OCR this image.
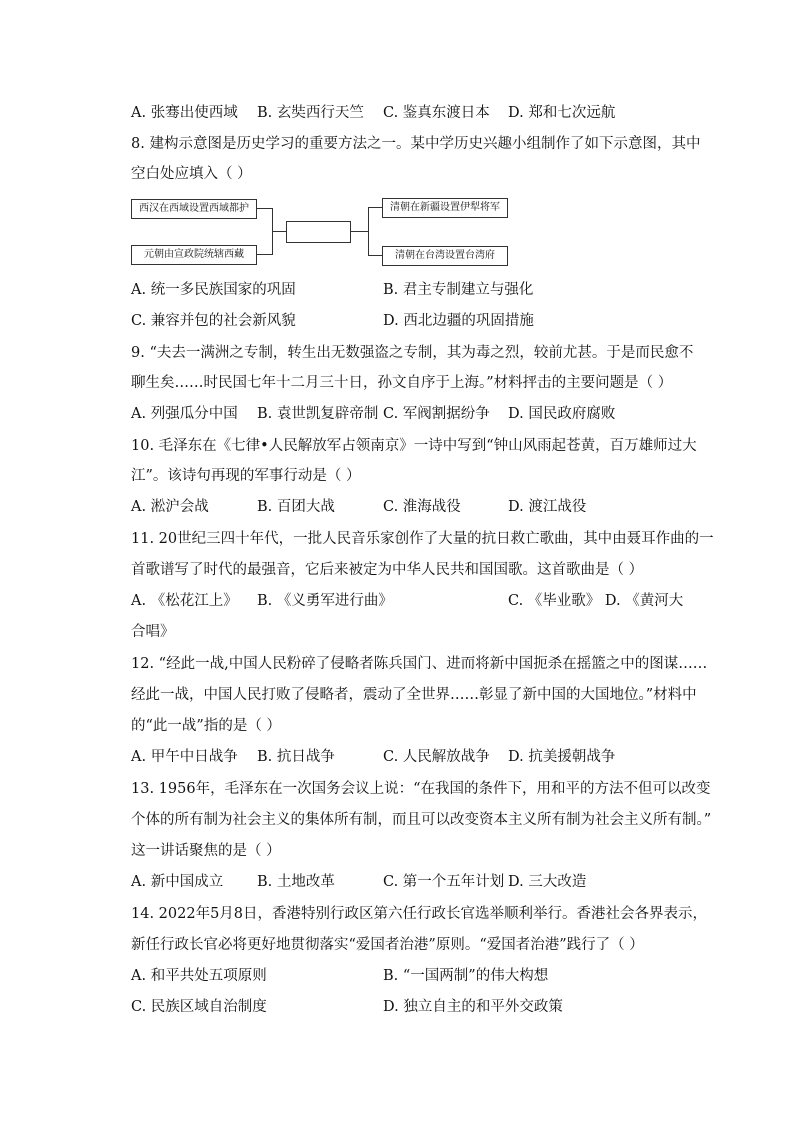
A. 张骞出使西域 B. 玄奘西行天竺 C. 鉴真东渡日本 D. 郑和七次远航
8. 建构示意图是历史学习的重要方法之一。某中学历史兴趣小组制作了如下示意图，其中
空白处应填入（ ）
西汉在西域设置西域都护
元朝由宣政院统辖西藏
清朝在新疆设置伊犁将军
清朝在台湾设置台湾府
A. 统一多民族国家的巩固	B. 君主专制建立与强化
C. 兼容并包的社会新风貌	D. 西北边疆的巩固措施
9. “夫去一满洲之专制，转生出无数强盗之专制，其为毒之烈，较前尤甚。于是而民愈不
聊生矣……时民国七年十二月三十日，孙文自序于上海。”材料抨击的主要问题是（ ）
A. 列强瓜分中国 B. 袁世凯复辟帝制 C. 军阀割据纷争 D. 国民政府腐败
10. 毛泽东在《七律•人民解放军占领南京》一诗中写到“钟山风雨起苍黄，百万雄师过大
江”。该诗句再现的军事行动是（ ）
A. 淞沪会战	B. 百团大战	C. 淮海战役	D. 渡江战役
11. 20世纪三四十年代，一批人民音乐家创作了大量的抗日救亡歌曲，其中由聂耳作曲的一
首歌谱写了时代的最强音，它后来被定为中华人民共和国国歌。这首歌曲是（ ）
A. 《松花江上》 B. 《义勇军进行曲》	C. 《毕业歌》 D. 《黄河大
合唱》
12. “经此一战,中国人民粉碎了侵略者陈兵国门、进而将新中国扼杀在摇篮之中的图谋……
经此一战，中国人民打败了侵略者，震动了全世界……彰显了新中国的大国地位。”材料中
的“此一战”指的是（ ）
A. 甲午中日战争 B. 抗日战争	C. 人民解放战争 D. 抗美援朝战争
13. 1956年，毛泽东在一次国务会议上说：“在我国的条件下，用和平的方法不但可以改变
个体的所有制为社会主义的集体所有制，而且可以改变资本主义所有制为社会主义所有制。”
这一讲话聚焦的是（ ）
A. 新中国成立 B. 土地改革	C. 第一个五年计划 D. 三大改造
14. 2022年5月8日，香港特别行政区第六任行政长官选举顺利举行。香港社会各界表示，
新任行政长官必将更好地贯彻落实“爱国者治港”原则。“爱国者治港”践行了（ ）
A. 和平共处五项原则	B. “一国两制”的伟大构想
C. 民族区域自治制度	D. 独立自主的和平外交政策
